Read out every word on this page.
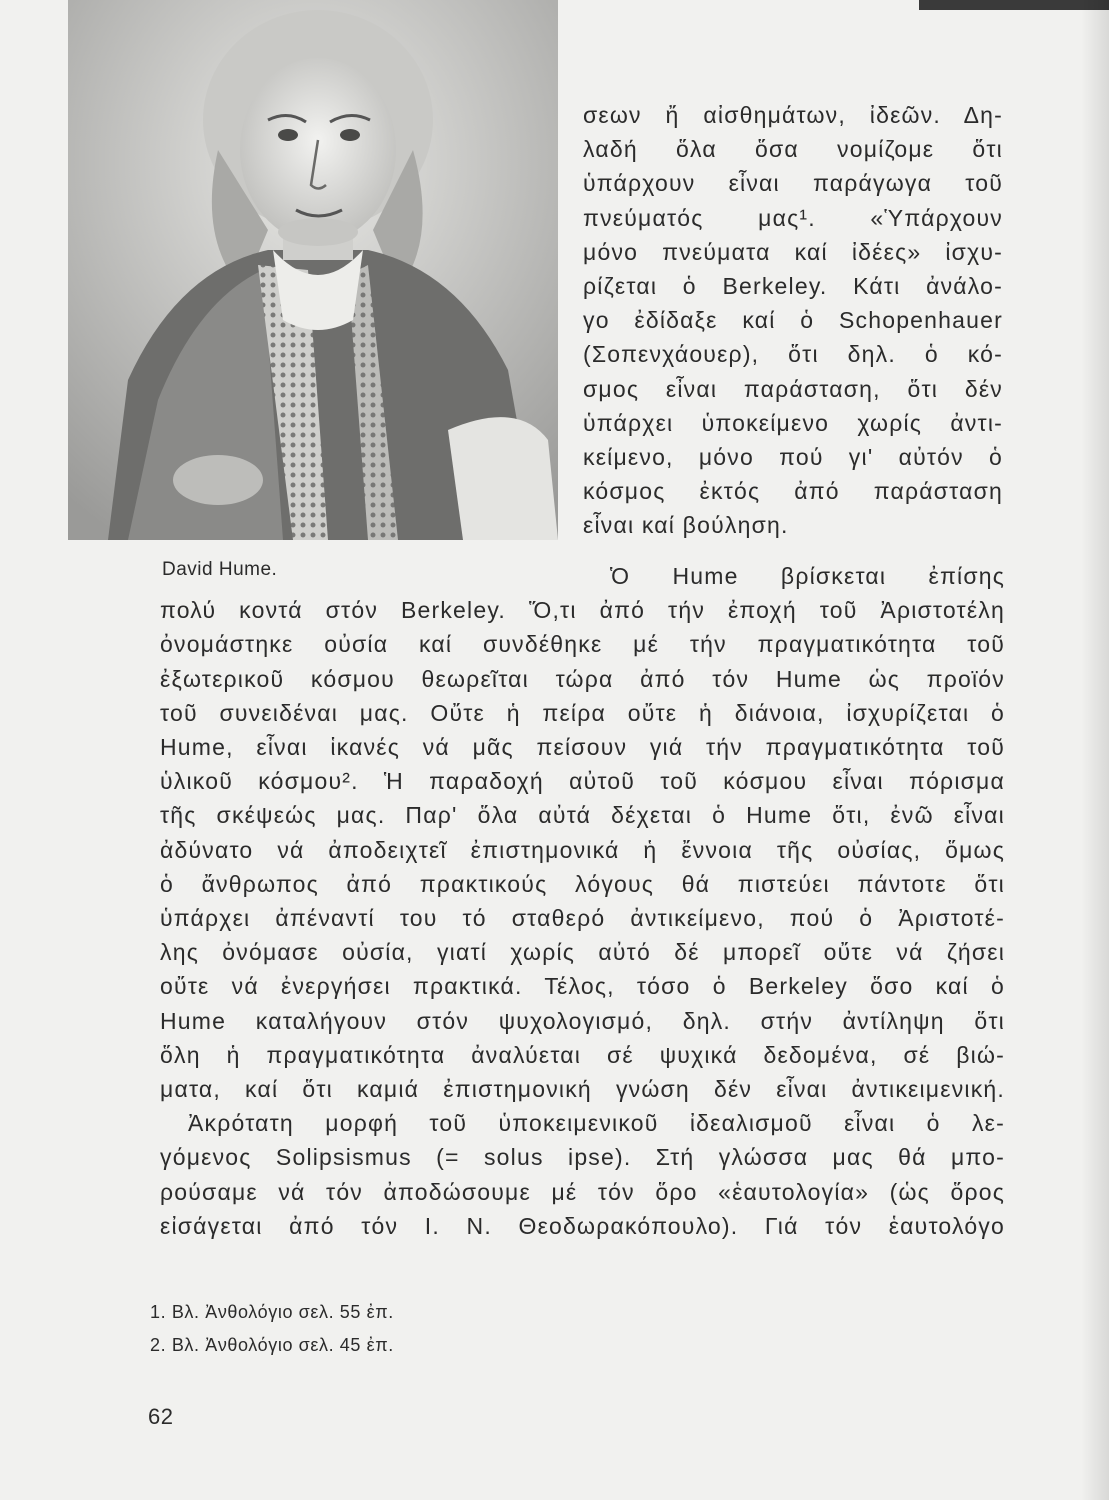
David Hume.
σεων ἤ αἰσθημάτων, ἰδεῶν. Δη-
λαδή ὅλα ὅσα νομίζομε ὅτι
ὑπάρχουν εἶναι παράγωγα τοῦ
πνεύματός μας¹. «Ὑπάρχουν
μόνο πνεύματα καί ἰδέες» ἰσχυ-
ρίζεται ὁ Berkeley. Κάτι ἀνάλο-
γο ἐδίδαξε καί ὁ Schopenhauer
(Σοπενχάουερ), ὅτι δηλ. ὁ κό-
σμος εἶναι παράσταση, ὅτι δέν
ὑπάρχει ὑποκείμενο χωρίς ἀντι-
κείμενο, μόνο πού γι' αὐτόν ὁ
κόσμος ἐκτός ἀπό παράσταση
εἶναι καί βούληση.
Ὁ Hume βρίσκεται ἐπίσης
πολύ κοντά στόν Berkeley. Ὅ,τι ἀπό τήν ἐποχή τοῦ Ἀριστοτέλη
ὀνομάστηκε οὐσία καί συνδέθηκε μέ τήν πραγματικότητα τοῦ
ἐξωτερικοῦ κόσμου θεωρεῖται τώρα ἀπό τόν Hume ὡς προϊόν
τοῦ συνειδέναι μας. Οὔτε ἡ πείρα οὔτε ἡ διάνοια, ἰσχυρίζεται ὁ
Hume, εἶναι ἱκανές νά μᾶς πείσουν γιά τήν πραγματικότητα τοῦ
ὑλικοῦ κόσμου². Ἡ παραδοχή αὐτοῦ τοῦ κόσμου εἶναι πόρισμα
τῆς σκέψεώς μας. Παρ' ὅλα αὐτά δέχεται ὁ Hume ὅτι, ἐνῶ εἶναι
ἀδύνατο νά ἀποδειχτεῖ ἐπιστημονικά ἡ ἔννοια τῆς οὐσίας, ὅμως
ὁ ἄνθρωπος ἀπό πρακτικούς λόγους θά πιστεύει πάντοτε ὅτι
ὑπάρχει ἀπέναντί του τό σταθερό ἀντικείμενο, πού ὁ Ἀριστοτέ-
λης ὀνόμασε οὐσία, γιατί χωρίς αὐτό δέ μπορεῖ οὔτε νά ζήσει
οὔτε νά ἐνεργήσει πρακτικά. Τέλος, τόσο ὁ Berkeley ὅσο καί ὁ
Hume καταλήγουν στόν ψυχολογισμό, δηλ. στήν ἀντίληψη ὅτι
ὅλη ἡ πραγματικότητα ἀναλύεται σέ ψυχικά δεδομένα, σέ βιώ-
ματα, καί ὅτι καμιά ἐπιστημονική γνώση δέν εἶναι ἀντικειμενική.
Ἀκρότατη μορφή τοῦ ὑποκειμενικοῦ ἰδεαλισμοῦ εἶναι ὁ λε-
γόμενος Solipsismus (= solus ipse). Στή γλώσσα μας θά μπο-
ρούσαμε νά τόν ἀποδώσουμε μέ τόν ὅρο «ἑαυτολογία» (ὡς ὅρος
εἰσάγεται ἀπό τόν Ι. Ν. Θεοδωρακόπουλο). Γιά τόν ἑαυτολόγο
1. Βλ. Ἀνθολόγιο σελ. 55 ἐπ.
2. Βλ. Ἀνθολόγιο σελ. 45 ἐπ.
62
